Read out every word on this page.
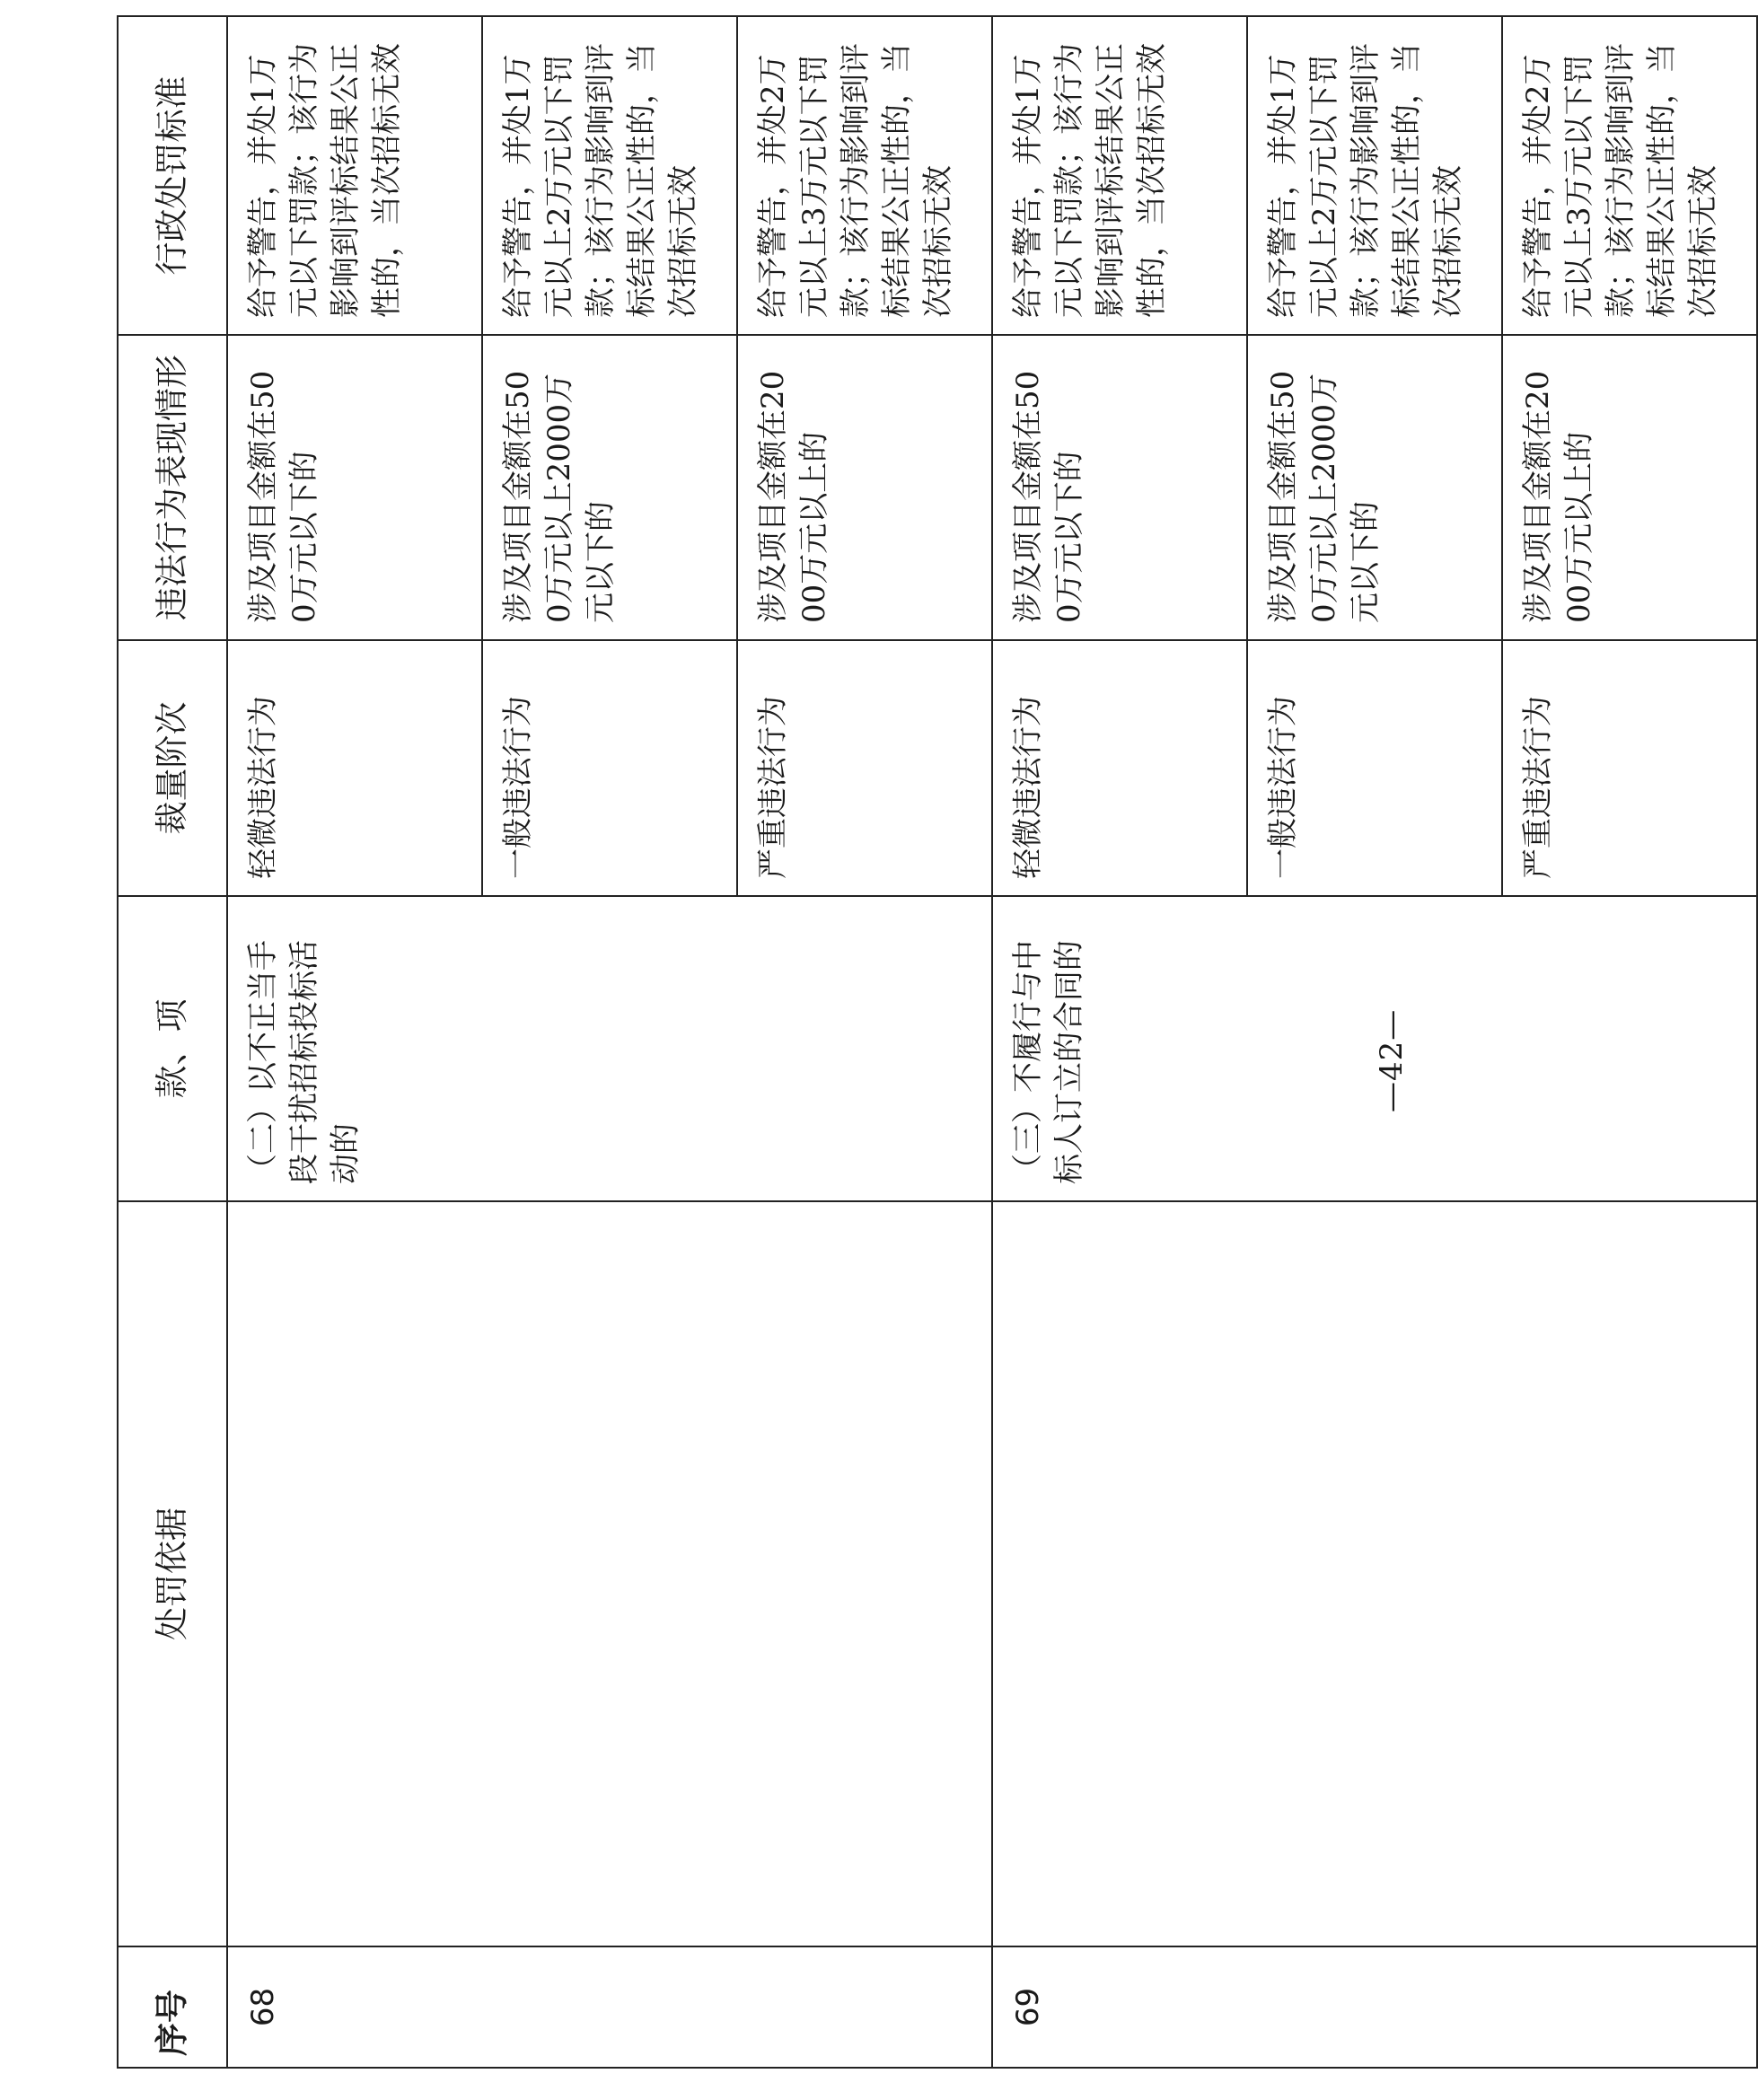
序号	处罚依据	款、项	裁量阶次	违法行为表现情形	行政处罚标准
68		（二）以不正当手段干扰招标投标活动的	轻微违法行为	涉及项目金额在500万元以下的	给予警告，并处1万元以下罚款；该行为影响到评标结果公正性的，当次招标无效
			一般违法行为	涉及项目金额在500万元以上2000万元以下的	给予警告，并处1万元以上2万元以下罚款；该行为影响到评标结果公正性的，当次招标无效
			严重违法行为	涉及项目金额在2000万元以上的	给予警告，并处2万元以上3万元以下罚款；该行为影响到评标结果公正性的，当次招标无效
69		（三）不履行与中标人订立的合同的	轻微违法行为	涉及项目金额在500万元以下的	给予警告，并处1万元以下罚款；该行为影响到评标结果公正性的，当次招标无效
			一般违法行为	涉及项目金额在500万元以上2000万元以下的	给予警告，并处1万元以上2万元以下罚款；该行为影响到评标结果公正性的，当次招标无效
			严重违法行为	涉及项目金额在2000万元以上的	给予警告，并处2万元以上3万元以下罚款；该行为影响到评标结果公正性的，当次招标无效
—42—
